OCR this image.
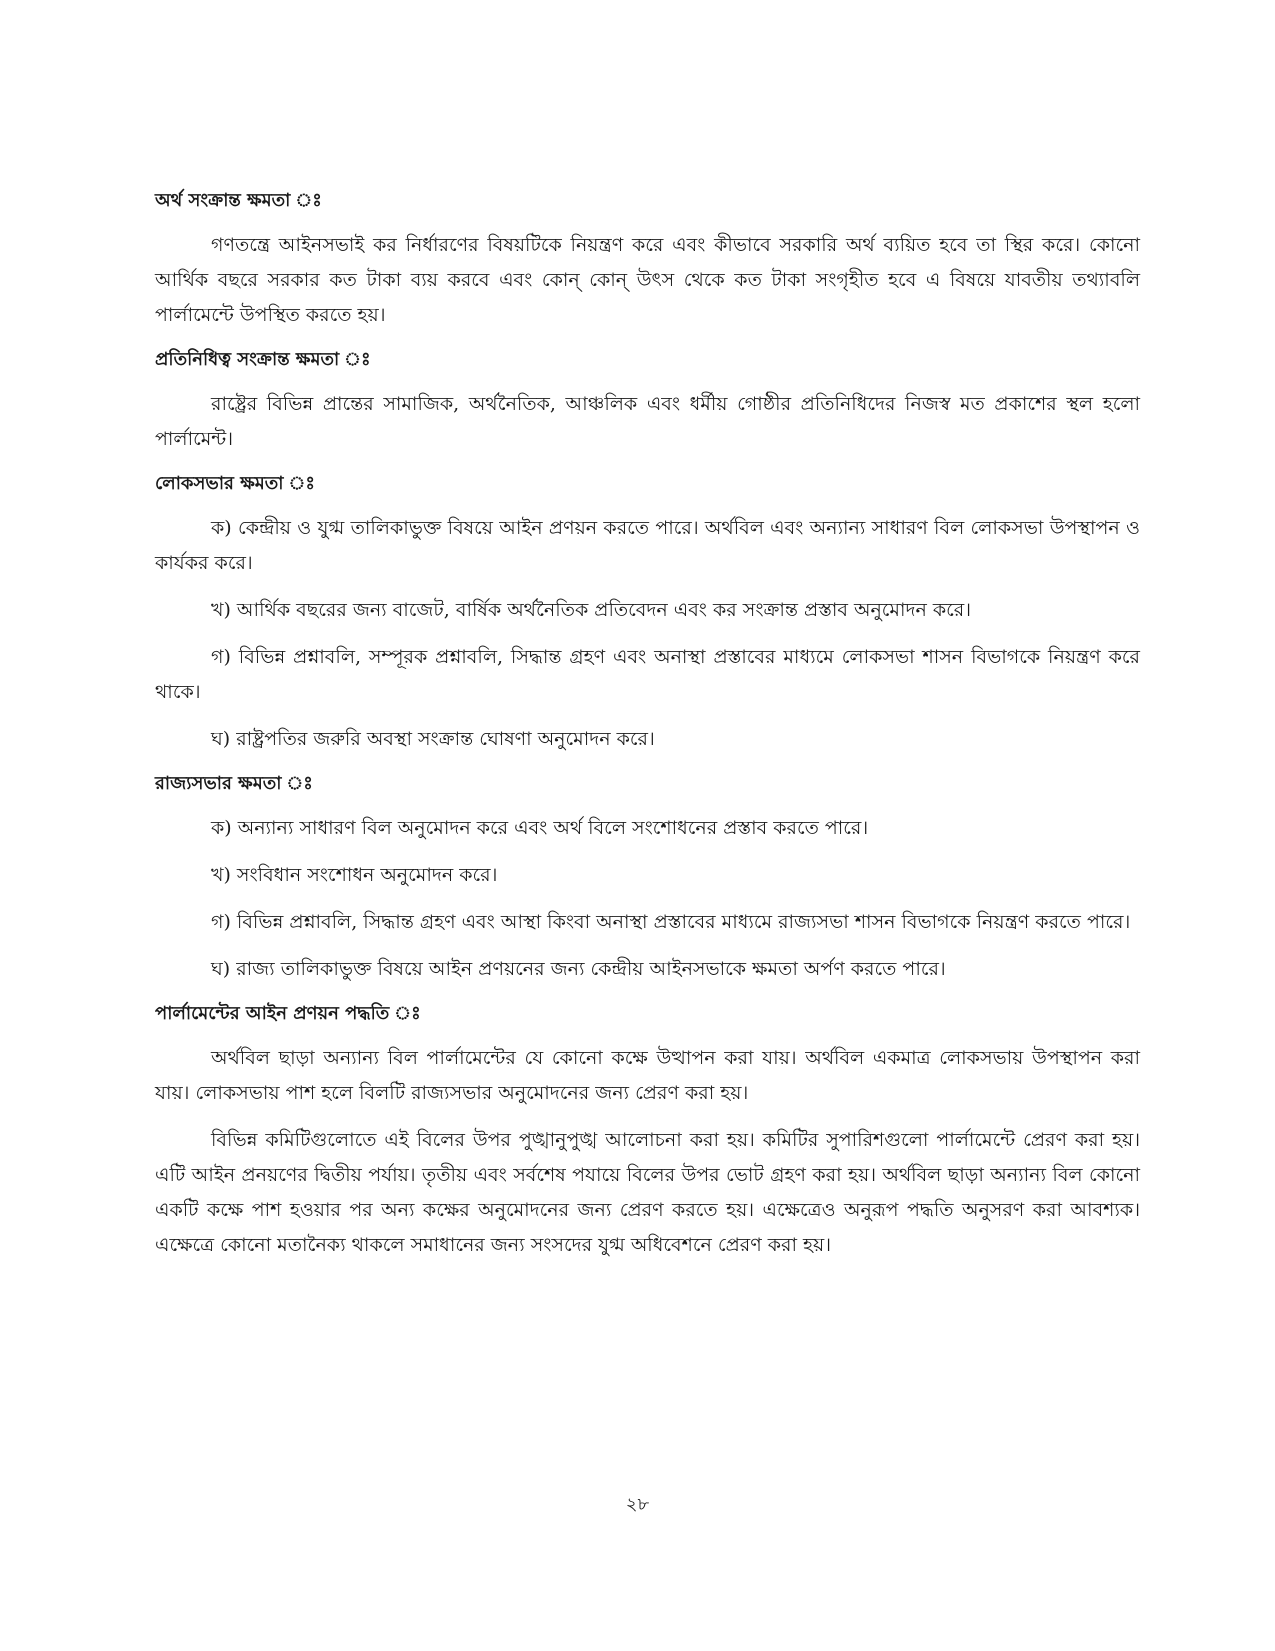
অর্থ সংক্রান্ত ক্ষমতা ঃ

গণতন্ত্রে আইনসভাই কর নির্ধারণের বিষয়টিকে নিয়ন্ত্রণ করে এবং কীভাবে সরকারি অর্থ ব্যয়িত হবে তা স্থির করে। কোনো আর্থিক বছরে সরকার কত টাকা ব্যয় করবে এবং কোন্ কোন্ উৎস থেকে কত টাকা সংগৃহীত হবে এ বিষয়ে যাবতীয় তথ্যাবলি পার্লামেন্টে উপস্থিত করতে হয়।

প্রতিনিধিত্ব সংক্রান্ত ক্ষমতা ঃ

রাষ্ট্রের বিভিন্ন প্রান্তের সামাজিক, অর্থনৈতিক, আঞ্চলিক এবং ধর্মীয় গোষ্ঠীর প্রতিনিধিদের নিজস্ব মত প্রকাশের স্থল হলো পার্লামেন্ট।

লোকসভার ক্ষমতা ঃ

ক) কেন্দ্রীয় ও যুগ্ম তালিকাভুক্ত বিষয়ে আইন প্রণয়ন করতে পারে। অর্থবিল এবং অন্যান্য সাধারণ বিল লোকসভা উপস্থাপন ও কার্যকর করে।

খ) আর্থিক বছরের জন্য বাজেট, বার্ষিক অর্থনৈতিক প্রতিবেদন এবং কর সংক্রান্ত প্রস্তাব অনুমোদন করে।

গ) বিভিন্ন প্রশ্নাবলি, সম্পূরক প্রশ্নাবলি, সিদ্ধান্ত গ্রহণ এবং অনাস্থা প্রস্তাবের মাধ্যমে লোকসভা শাসন বিভাগকে নিয়ন্ত্রণ করে থাকে।

ঘ) রাষ্ট্রপতির জরুরি অবস্থা সংক্রান্ত ঘোষণা অনুমোদন করে।

রাজ্যসভার ক্ষমতা ঃ

ক) অন্যান্য সাধারণ বিল অনুমোদন করে এবং অর্থ বিলে সংশোধনের প্রস্তাব করতে পারে।

খ) সংবিধান সংশোধন অনুমোদন করে।

গ) বিভিন্ন প্রশ্নাবলি, সিদ্ধান্ত গ্রহণ এবং আস্থা কিংবা অনাস্থা প্রস্তাবের মাধ্যমে রাজ্যসভা শাসন বিভাগকে নিয়ন্ত্রণ করতে পারে।

ঘ) রাজ্য তালিকাভুক্ত বিষয়ে আইন প্রণয়নের জন্য কেন্দ্রীয় আইনসভাকে ক্ষমতা অর্পণ করতে পারে।

পার্লামেন্টের আইন প্রণয়ন পদ্ধতি ঃ

অর্থবিল ছাড়া অন্যান্য বিল পার্লামেন্টের যে কোনো কক্ষে উত্থাপন করা যায়। অর্থবিল একমাত্র লোকসভায় উপস্থাপন করা যায়। লোকসভায় পাশ হলে বিলটি রাজ্যসভার অনুমোদনের জন্য প্রেরণ করা হয়।

বিভিন্ন কমিটিগুলোতে এই বিলের উপর পুঙ্খানুপুঙ্খ আলোচনা করা হয়। কমিটির সুপারিশগুলো পার্লামেন্টে প্রেরণ করা হয়। এটি আইন প্রনয়ণের দ্বিতীয় পর্যায়। তৃতীয় এবং সর্বশেষ পযায়ে বিলের উপর ভোট গ্রহণ করা হয়। অর্থবিল ছাড়া অন্যান্য বিল কোনো একটি কক্ষে পাশ হওয়ার পর অন্য কক্ষের অনুমোদনের জন্য প্রেরণ করতে হয়। এক্ষেত্রেও অনুরূপ পদ্ধতি অনুসরণ করা আবশ্যক। এক্ষেত্রে কোনো মতানৈক্য থাকলে সমাধানের জন্য সংসদের যুগ্ম অধিবেশনে প্রেরণ করা হয়।

২৮
